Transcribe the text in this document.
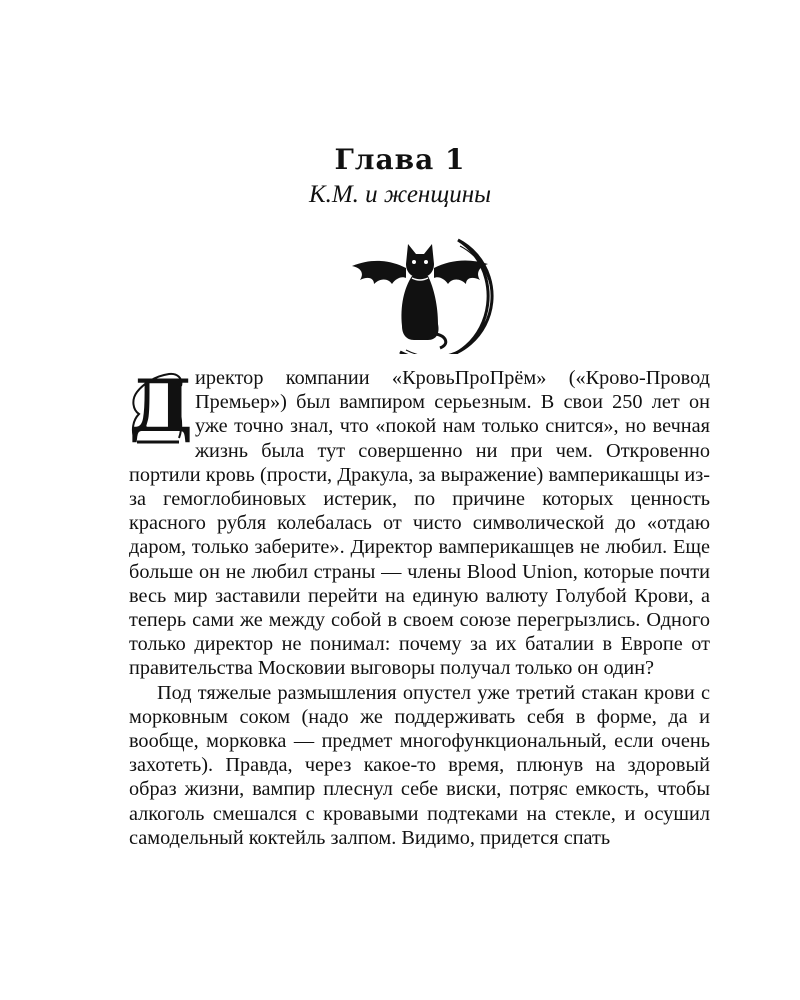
Глава 1
К.М. и женщины

Д иректор компании «КровьПроПрём» («Крово-Провод Премьер») был вампиром серьезным. В свои 250 лет он уже точно знал, что «покой нам только снится», но вечная жизнь была тут совершенно ни при чем. Откровенно портили кровь (прости, Дракула, за выражение) вамперикашцы из-за гемоглобиновых истерик, по причине которых ценность красного рубля колебалась от чисто символической до «отдаю даром, только заберите». Директор вамперикашцев не любил. Еще больше он не любил страны — члены Blood Union, которые почти весь мир заставили перейти на единую валюту Голубой Крови, а теперь сами же между собой в своем союзе перегрызлись. Одного только директор не понимал: почему за их баталии в Европе от правительства Московии выговоры получал только он один?

Под тяжелые размышления опустел уже третий стакан крови с морковным соком (надо же поддерживать себя в форме, да и вообще, морковка — предмет многофункциональный, если очень захотеть). Правда, через какое-то время, плюнув на здоровый образ жизни, вампир плеснул себе виски, потряс емкость, чтобы алкоголь смешался с кровавыми подтеками на стекле, и осушил самодельный коктейль залпом. Видимо, придется спать
